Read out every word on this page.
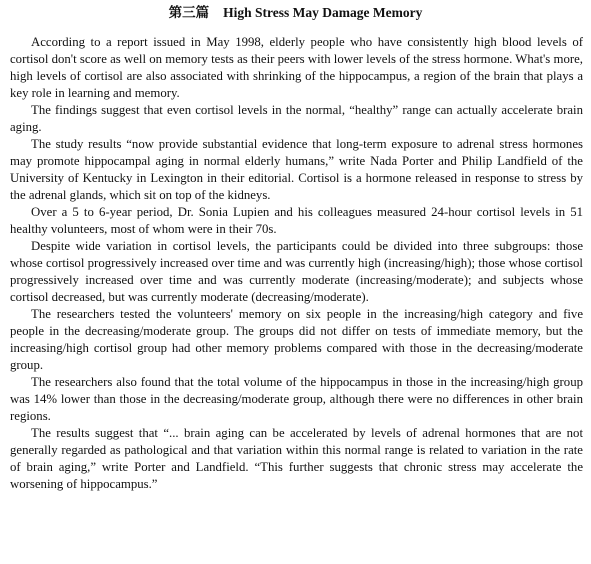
第三篇 High Stress May Damage Memory

According to a report issued in May 1998, elderly people who have consistently high blood levels of cortisol don't score as well on memory tests as their peers with lower levels of the stress hormone. What's more, high levels of cortisol are also associated with shrinking of the hippocampus, a region of the brain that plays a key role in learning and memory.

The findings suggest that even cortisol levels in the normal, “healthy” range can actually accelerate brain aging.

The study results “now provide substantial evidence that long-term exposure to adrenal stress hormones may promote hippocampal aging in normal elderly humans,” write Nada Porter and Philip Landfield of the University of Kentucky in Lexington in their editorial. Cortisol is a hormone released in response to stress by the adrenal glands, which sit on top of the kidneys.

Over a 5 to 6-year period, Dr. Sonia Lupien and his colleagues measured 24-hour cortisol levels in 51 healthy volunteers, most of whom were in their 70s.

Despite wide variation in cortisol levels, the participants could be divided into three subgroups: those whose cortisol progressively increased over time and was currently high (increasing/high); those whose cortisol progressively increased over time and was currently moderate (increasing/moderate); and subjects whose cortisol decreased, but was currently moderate (decreasing/moderate).

The researchers tested the volunteers' memory on six people in the increasing/high category and five people in the decreasing/moderate group. The groups did not differ on tests of immediate memory, but the increasing/high cortisol group had other memory problems compared with those in the decreasing/moderate group.

The researchers also found that the total volume of the hippocampus in those in the increasing/high group was 14% lower than those in the decreasing/moderate group, although there were no differences in other brain regions.

The results suggest that “... brain aging can be accelerated by levels of adrenal hormones that are not generally regarded as pathological and that variation within this normal range is related to variation in the rate of brain aging,” write Porter and Landfield. “This further suggests that chronic stress may accelerate the worsening of hippocampus.”
